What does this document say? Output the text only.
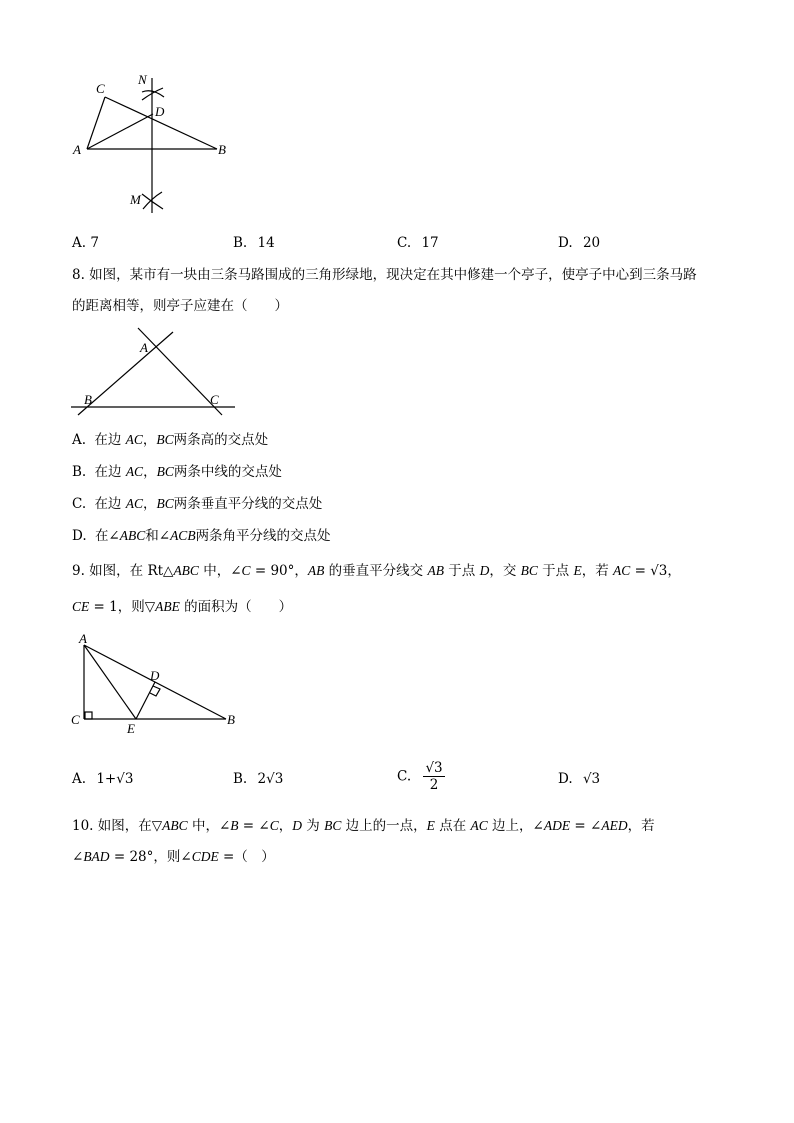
C
N
D
A	B
M
A. 7	B. 14	C. 17	D. 20
8. 如图，某市有一块由三条马路围成的三角形绿地，现决定在其中修建一个亭子，使亭子中心到三条马路
的距离相等，则亭子应建在（　　）
A
B	C
A. 在边 AC，BC两条高的交点处
B. 在边 AC，BC两条中线的交点处
C. 在边 AC，BC两条垂直平分线的交点处
D. 在∠ABC和∠ACB两条角平分线的交点处
9. 如图，在 Rt△ABC 中，∠C = 90°，AB 的垂直平分线交 AB 于点 D，交 BC 于点 E，若 AC = √3，
CE = 1，则▽ABE 的面积为（　　）
A
D
C
E
B
A. 1+√3	B. 2√3	C. $\frac{√3}{2}$	D. √3
10. 如图，在▽ABC 中，∠B = ∠C，D 为 BC 边上的一点，E 点在 AC 边上，∠ADE = ∠AED，若
∠BAD = 28°，则∠CDE =（　）
